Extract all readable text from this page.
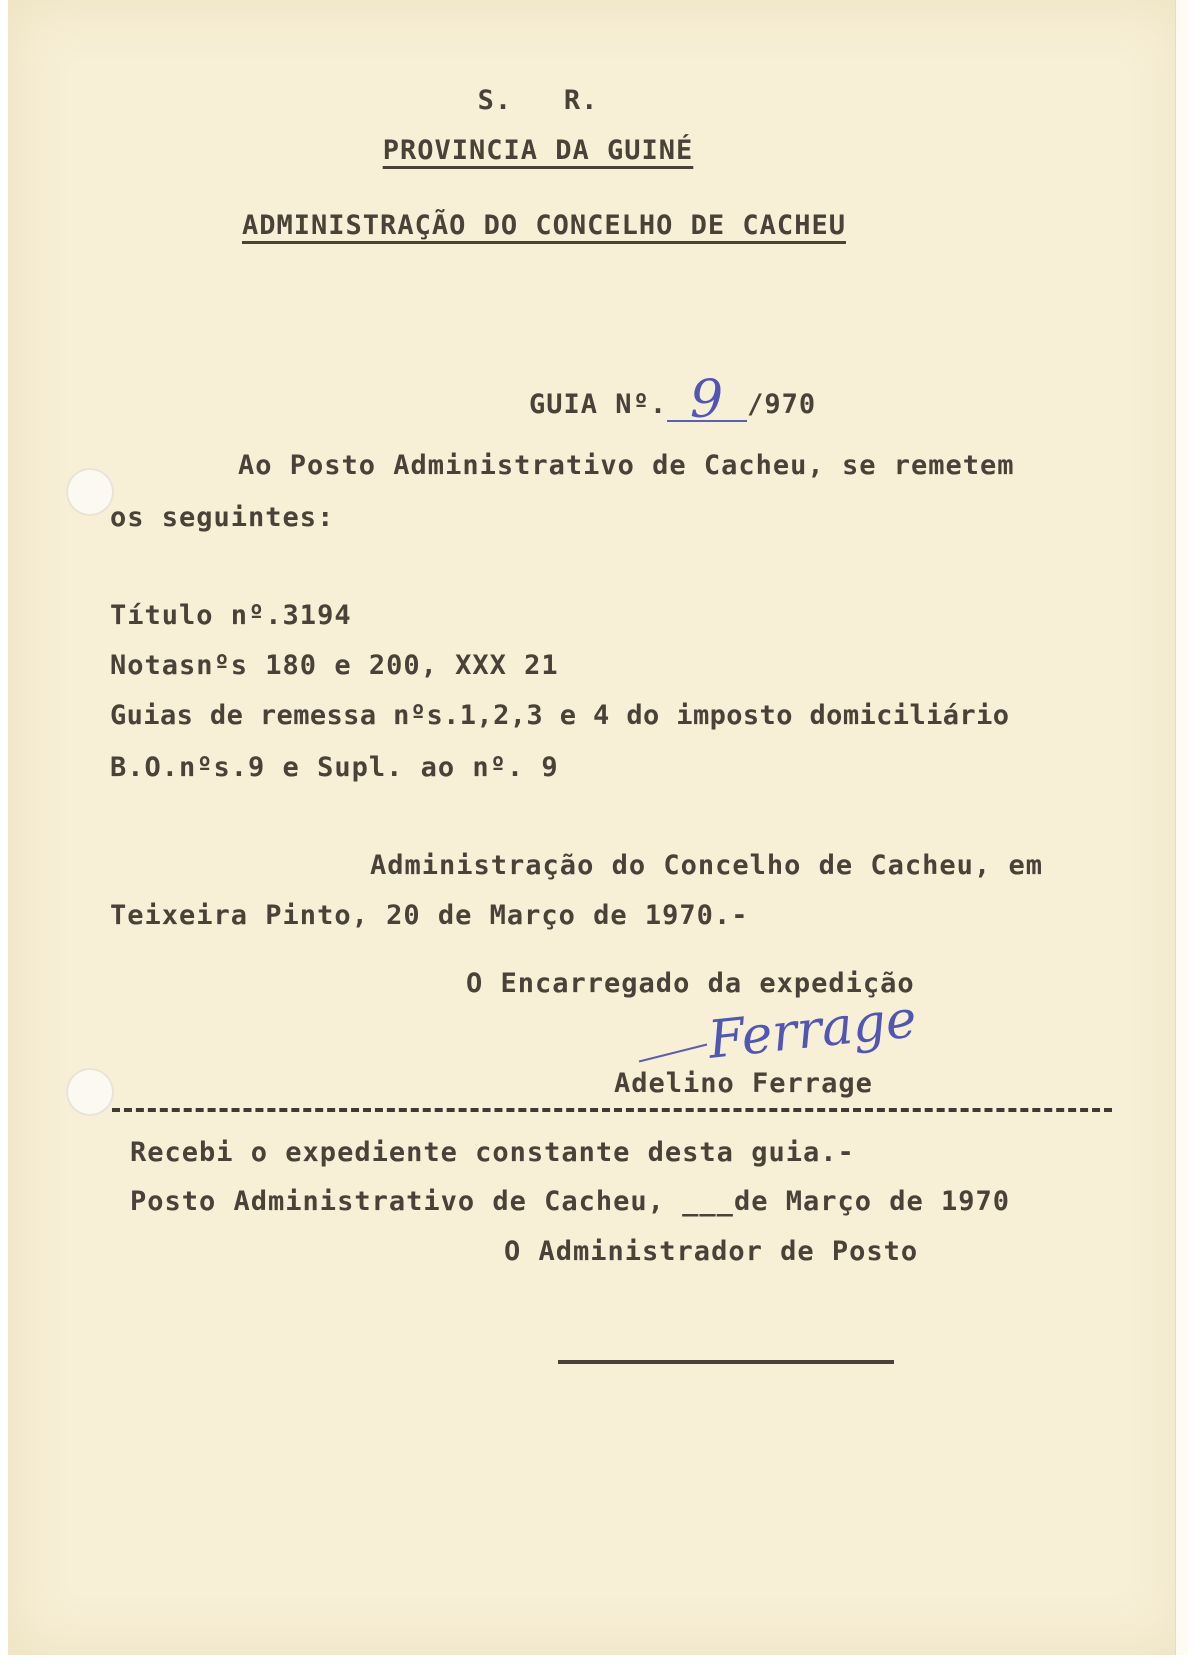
S.   R.
PROVINCIA DA GUINÉ
ADMINISTRAÇÃO DO CONCELHO DE CACHEU

GUIA Nº. 9 /970

Ao Posto Administrativo de Cacheu, se remetem
os seguintes:
Título nº.3194
Notasnºs 180 e 200, XXX 21
Guias de remessa nºs.1,2,3 e 4 do imposto domiciliário
B.O.nºs.9 e Supl. ao nº. 9
Administração do Concelho de Cacheu, em
Teixeira Pinto, 20 de Março de 1970.-
O Encarregado da expedição
Ferrage
Adelino Ferrage
Recebi o expediente constante desta guia.-
Posto Administrativo de Cacheu, ___de Março de 1970
O Administrador de Posto
